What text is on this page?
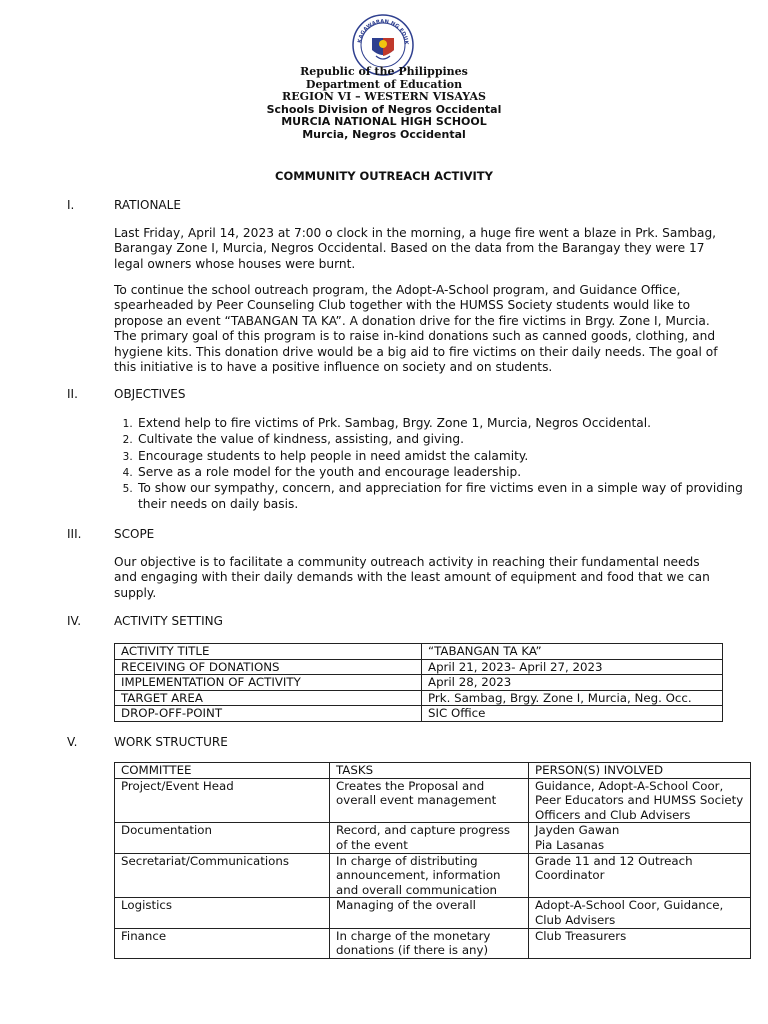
KAGAWARAN NG EDUK
Republic of the Philippines
Department of Education
REGION VI – WESTERN VISAYAS
Schools Division of Negros Occidental
MURCIA NATIONAL HIGH SCHOOL
Murcia, Negros Occidental
COMMUNITY OUTREACH ACTIVITY
I.	RATIONALE

Last Friday, April 14, 2023 at 7:00 o clock in the morning, a huge fire went a blaze in Prk. Sambag, Barangay Zone I, Murcia, Negros Occidental. Based on the data from the Barangay they were 17 legal owners whose houses were burnt.

To continue the school outreach program, the Adopt-A-School program, and Guidance Office, spearheaded by Peer Counseling Club together with the HUMSS Society students would like to propose an event “TABANGAN TA KA”. A donation drive for the fire victims in Brgy. Zone I, Murcia. The primary goal of this program is to raise in-kind donations such as canned goods, clothing, and hygiene kits. This donation drive would be a big aid to fire victims on their daily needs. The goal of this initiative is to have a positive influence on society and on students.

II.	OBJECTIVES
1. Extend help to fire victims of Prk. Sambag, Brgy. Zone 1, Murcia, Negros Occidental.
2. Cultivate the value of kindness, assisting, and giving.
3. Encourage students to help people in need amidst the calamity.
4. Serve as a role model for the youth and encourage leadership.
5. To show our sympathy, concern, and appreciation for fire victims even in a simple way of providing their needs on daily basis.
III.	SCOPE

Our objective is to facilitate a community outreach activity in reaching their fundamental needs and engaging with their daily demands with the least amount of equipment and food that we can supply.

IV.	ACTIVITY SETTING
ACTIVITY TITLE	“TABANGAN TA KA”
RECEIVING OF DONATIONS	April 21, 2023- April 27, 2023
IMPLEMENTATION OF ACTIVITY	April 28, 2023
TARGET AREA	Prk. Sambag, Brgy. Zone I, Murcia, Neg. Occ.
DROP-OFF-POINT	SIC Office
V.	WORK STRUCTURE
COMMITTEE	TASKS	PERSON(S) INVOLVED
Project/Event Head	Creates the Proposal and overall event management	Guidance, Adopt-A-School Coor, Peer Educators and HUMSS Society Officers and Club Advisers
Documentation	Record, and capture progress of the event	Jayden Gawan
Pia Lasanas
Secretariat/Communications	In charge of distributing announcement, information and overall communication	Grade 11 and 12 Outreach Coordinator
Logistics	Managing of the overall	Adopt-A-School Coor, Guidance, Club Advisers
Finance	In charge of the monetary donations (if there is any)	Club Treasurers
